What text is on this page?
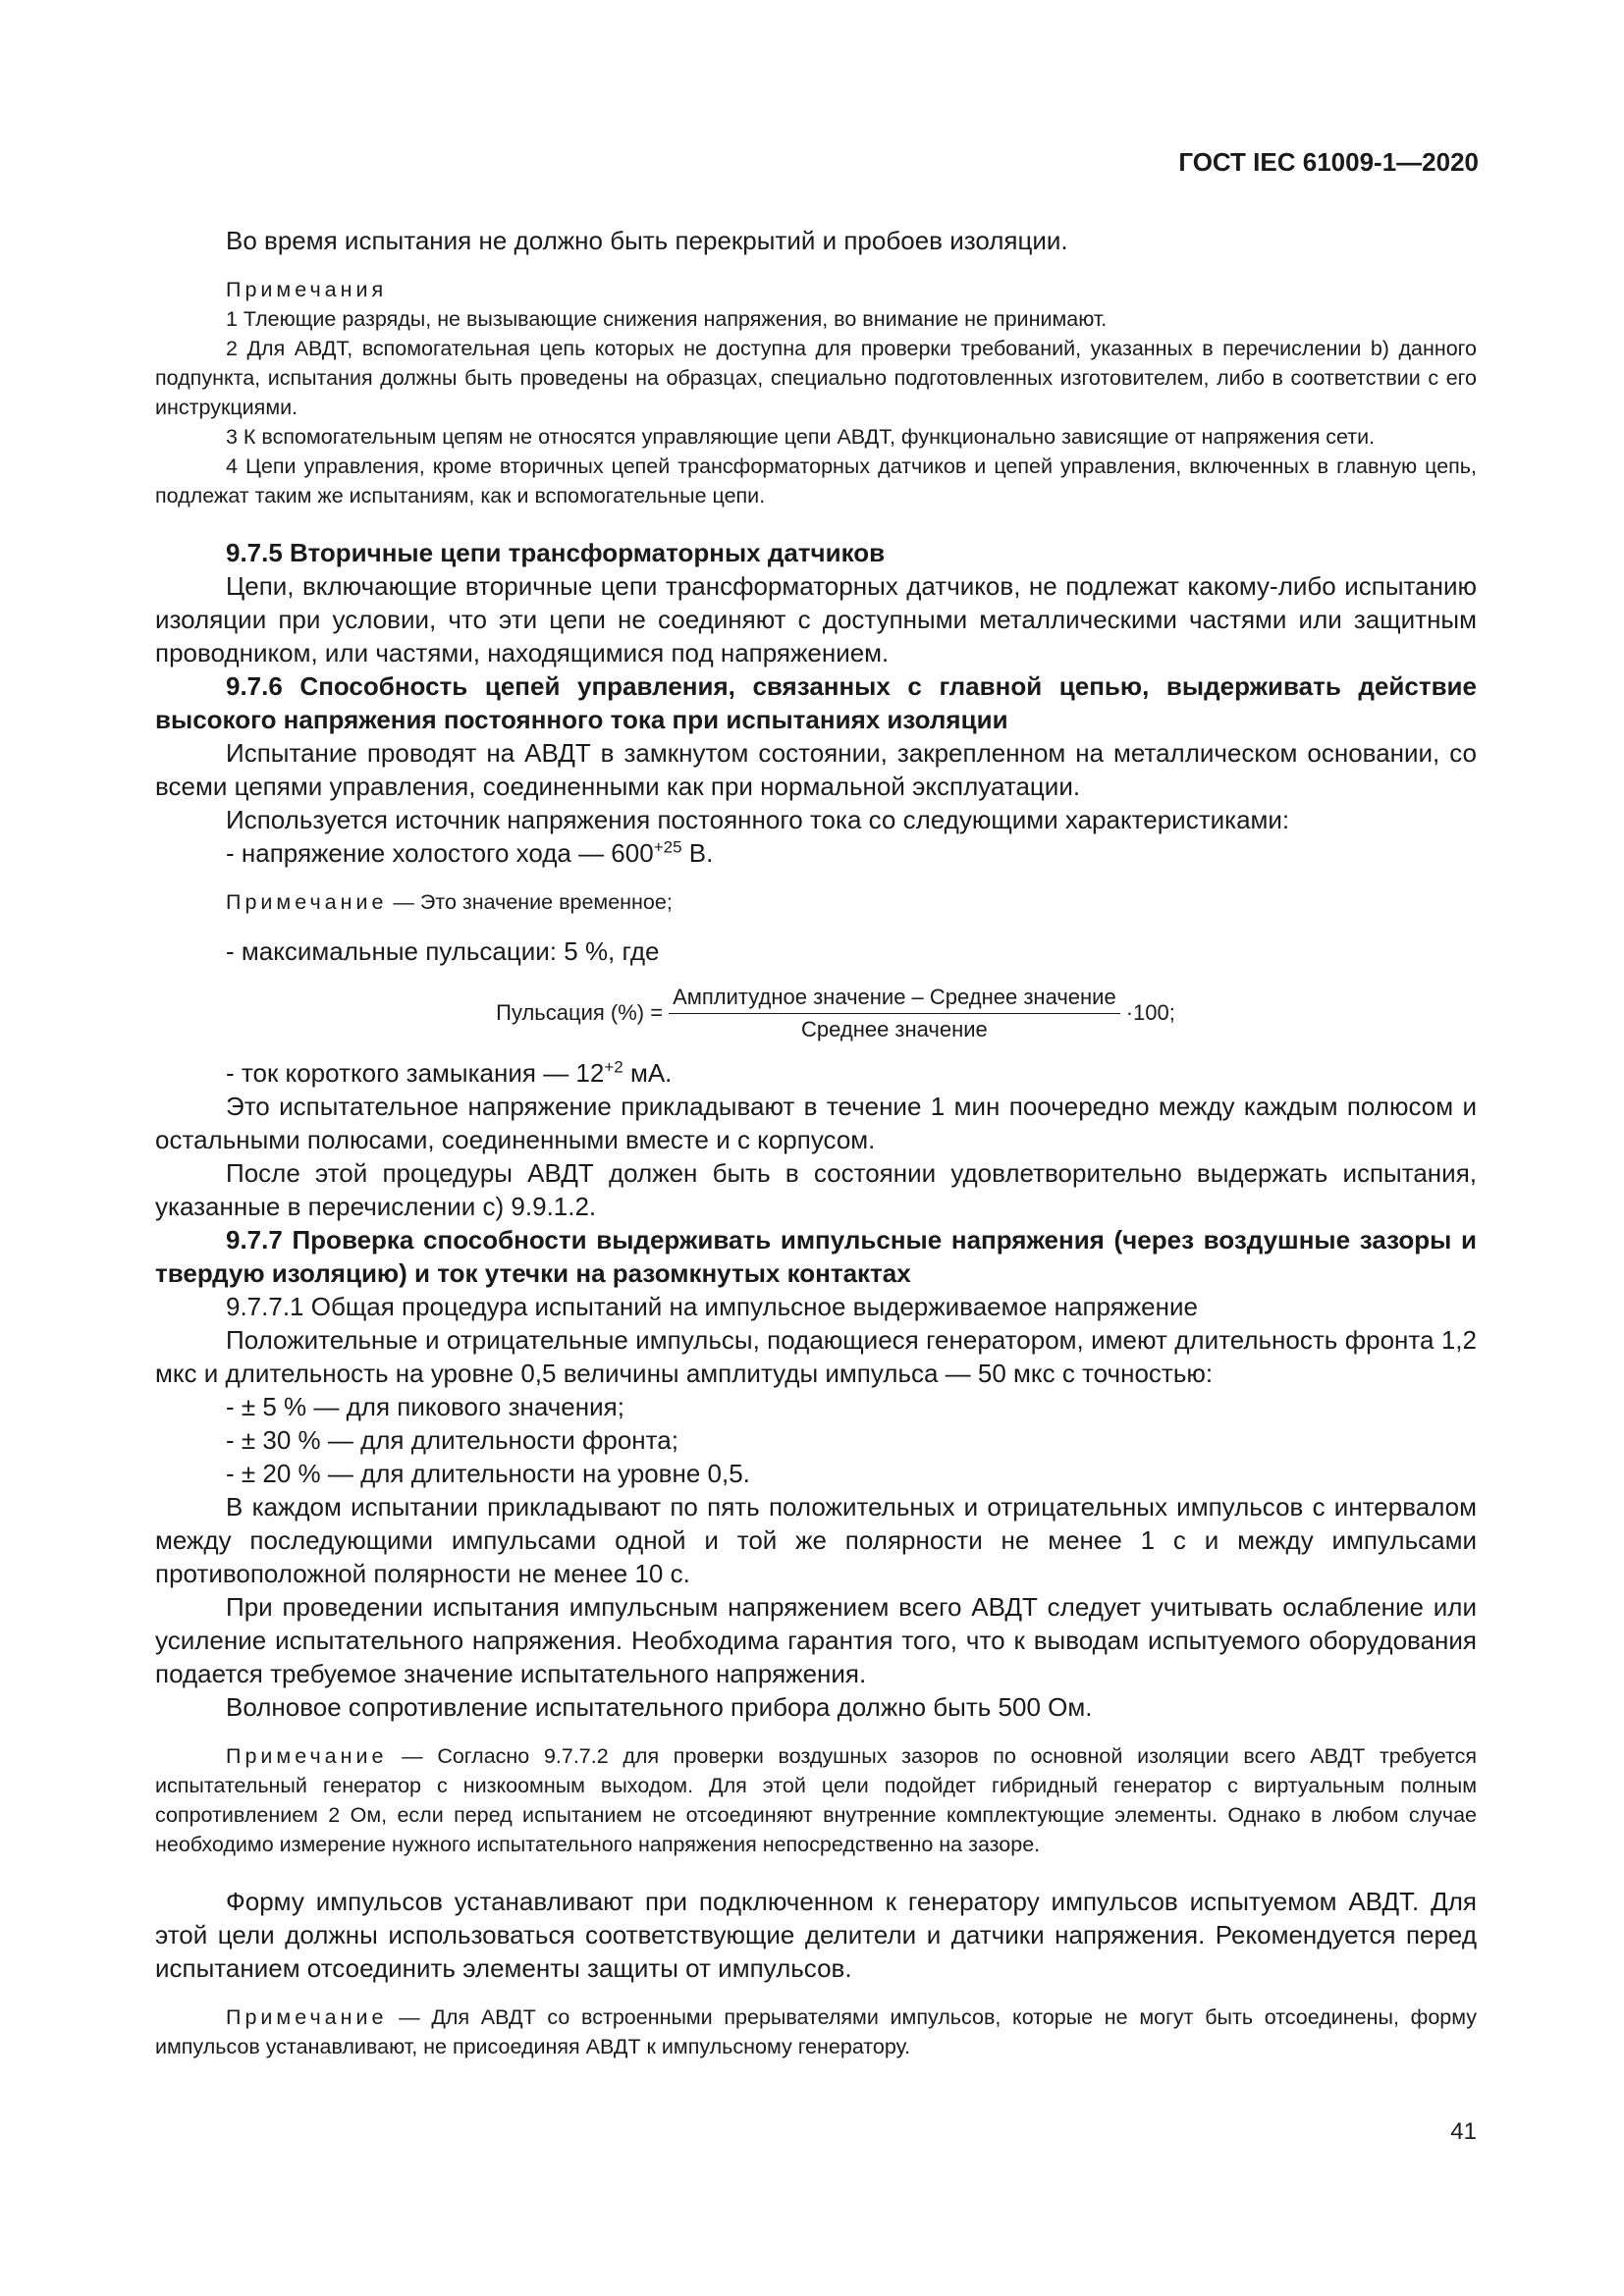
ГОСТ IEC 61009-1—2020

Во время испытания не должно быть перекрытий и пробоев изоляции.

Примечания

1 Тлеющие разряды, не вызывающие снижения напряжения, во внимание не принимают.

2 Для АВДТ, вспомогательная цепь которых не доступна для проверки требований, указанных в перечислении b) данного подпункта, испытания должны быть проведены на образцах, специально подготовленных изготовителем, либо в соответствии с его инструкциями.

3 К вспомогательным цепям не относятся управляющие цепи АВДТ, функционально зависящие от напряжения сети.

4 Цепи управления, кроме вторичных цепей трансформаторных датчиков и цепей управления, включенных в главную цепь, подлежат таким же испытаниям, как и вспомогательные цепи.

9.7.5 Вторичные цепи трансформаторных датчиков

Цепи, включающие вторичные цепи трансформаторных датчиков, не подлежат какому-либо испытанию изоляции при условии, что эти цепи не соединяют с доступными металлическими частями или защитным проводником, или частями, находящимися под напряжением.

9.7.6 Способность цепей управления, связанных с главной цепью, выдерживать действие высокого напряжения постоянного тока при испытаниях изоляции

Испытание проводят на АВДТ в замкнутом состоянии, закрепленном на металлическом основании, со всеми цепями управления, соединенными как при нормальной эксплуатации.

Используется источник напряжения постоянного тока со следующими характеристиками:

- напряжение холостого хода — $600^{+25}$ В.

Примечание — Это значение временное;

- максимальные пульсации: 5 %, где

Пульсация (%) = $\frac{\text{Амплитудное значение – Среднее значение}}{\text{Среднее значение}} \cdot 100$;

- ток короткого замыкания — $12^{+2}$ мА.

Это испытательное напряжение прикладывают в течение 1 мин поочередно между каждым полюсом и остальными полюсами, соединенными вместе и с корпусом.

После этой процедуры АВДТ должен быть в состоянии удовлетворительно выдержать испытания, указанные в перечислении с) 9.9.1.2.

9.7.7 Проверка способности выдерживать импульсные напряжения (через воздушные зазоры и твердую изоляцию) и ток утечки на разомкнутых контактах

9.7.7.1 Общая процедура испытаний на импульсное выдерживаемое напряжение

Положительные и отрицательные импульсы, подающиеся генератором, имеют длительность фронта 1,2 мкс и длительность на уровне 0,5 величины амплитуды импульса — 50 мкс с точностью:

- ± 5 % — для пикового значения;

- ± 30 % — для длительности фронта;

- ± 20 % — для длительности на уровне 0,5.

В каждом испытании прикладывают по пять положительных и отрицательных импульсов с интервалом между последующими импульсами одной и той же полярности не менее 1 с и между импульсами противоположной полярности не менее 10 с.

При проведении испытания импульсным напряжением всего АВДТ следует учитывать ослабление или усиление испытательного напряжения. Необходима гарантия того, что к выводам испытуемого оборудования подается требуемое значение испытательного напряжения.

Волновое сопротивление испытательного прибора должно быть 500 Ом.

Примечание — Согласно 9.7.7.2 для проверки воздушных зазоров по основной изоляции всего АВДТ требуется испытательный генератор с низкоомным выходом. Для этой цели подойдет гибридный генератор с виртуальным полным сопротивлением 2 Ом, если перед испытанием не отсоединяют внутренние комплектующие элементы. Однако в любом случае необходимо измерение нужного испытательного напряжения непосредственно на зазоре.

Форму импульсов устанавливают при подключенном к генератору импульсов испытуемом АВДТ. Для этой цели должны использоваться соответствующие делители и датчики напряжения. Рекомендуется перед испытанием отсоединить элементы защиты от импульсов.

Примечание — Для АВДТ со встроенными прерывателями импульсов, которые не могут быть отсоединены, форму импульсов устанавливают, не присоединяя АВДТ к импульсному генератору.

41
